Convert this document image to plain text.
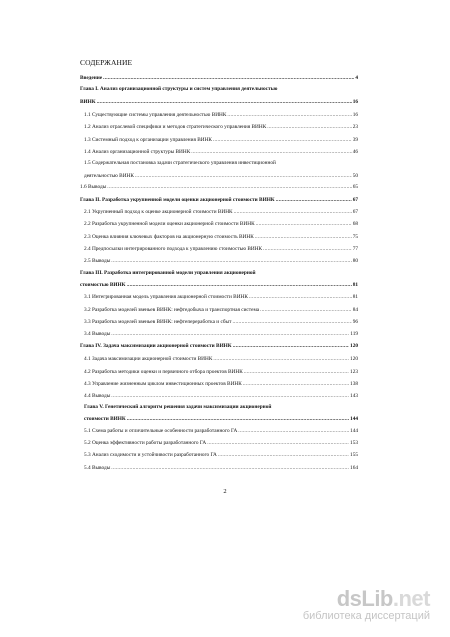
СОДЕРЖАНИЕ
Введение .....	4
Глава I. Анализ организационной структуры и систем управления деятельностью
ВИНК .....	16
1.1 Существующие системы управления деятельностью ВИНК .....	16
1.2 Анализ отраслевой специфики и методов стратегического управления ВИНК .....	23
1.3 Системный подход к организации управления ВИНК .....	39
1.4 Анализ организационной структуры ВИНК .....	46
1.5 Содержательная постановка задачи стратегического управления инвестиционной
деятельностью ВИНК .....	50
1.6 Выводы .....	65
Глава II. Разработка укрупненной модели оценки акционерной стоимости ВИНК .....	67
2.1 Укрупненный подход к оценке акционерной стоимости ВИНК .....	67
2.2 Разработка укрупненной модели оценки акционерной стоимости ВИНК .....	68
2.3 Оценка влияния ключевых факторов на акционерную стоимость ВИНК .....	75
2.4 Предпосылки интегрированного подхода к управлению стоимостью ВИНК .....	77
2.5 Выводы .....	80
Глава III. Разработка интегрированной модели управления акционерной
стоимостью ВИНК .....	81
3.1 Интегрированная модель управления акционерной стоимости ВИНК .....	81
3.2 Разработка моделей звеньев ВИНК: нефтедобыча и транспортная система .....	84
3.3 Разработка моделей звеньев ВИНК: нефтепереработка и сбыт .....	96
3.4 Выводы .....	119
Глава IV. Задача максимизации акционерной стоимости ВИНК .....	120
4.1 Задача максимизации акционерной стоимости ВИНК .....	120
4.2 Разработка методики оценки и первичного отбора проектов ВИНК .....	123
4.3 Управление жизненным циклом инвестиционных проектов ВИНК .....	138
4.4 Выводы .....	143
Глава V. Генетический алгоритм решения задачи максимизации акционерной
стоимости ВИНК .....	144
5.1 Схема работы и отличительные особенности разработанного ГА .....	144
5.2 Оценка эффективности работы разработанного ГА .....	153
5.3 Анализ сходимости и устойчивости разработанного ГА .....	155
5.4 Выводы .....	164
2
dsLib.net
библиотека диссертаций
